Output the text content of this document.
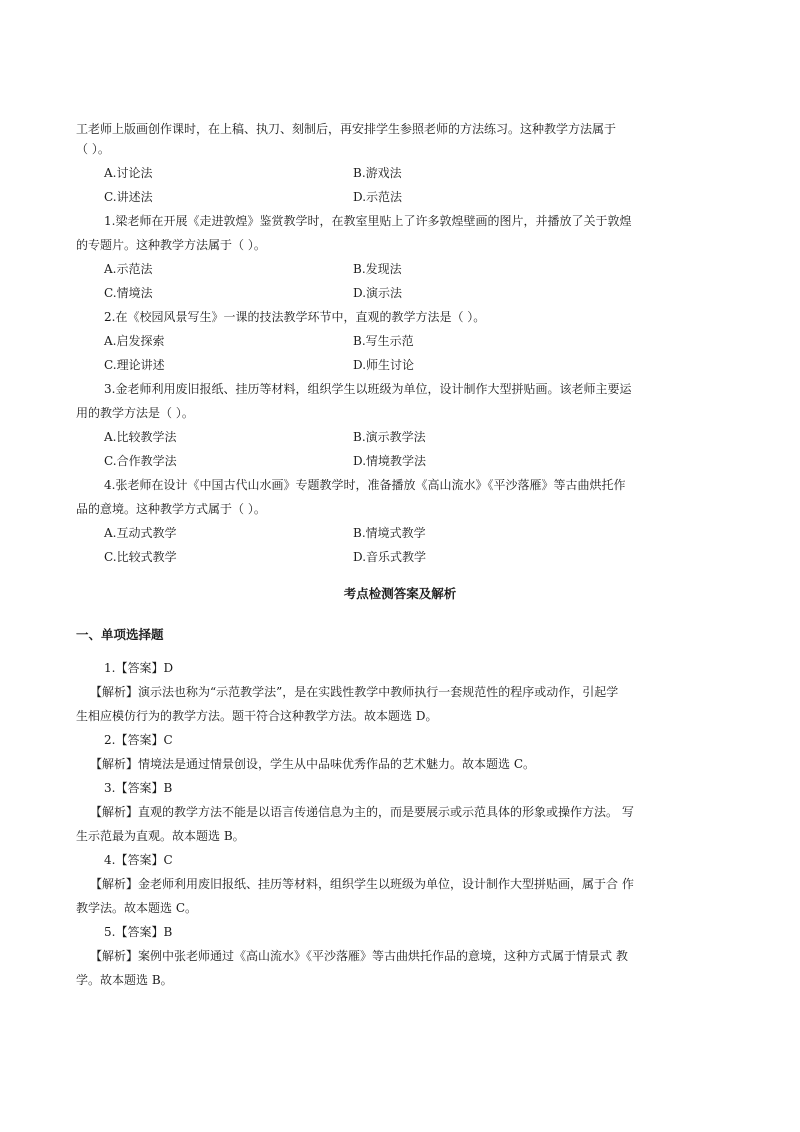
工老师上版画创作课时，在上稿、执刀、刻制后，再安排学生参照老师的方法练习。这种教学方法属于
（ ）。
A.讨论法	B.游戏法
C.讲述法	D.示范法
1.梁老师在开展《走进敦煌》鉴赏教学时，在教室里贴上了许多敦煌壁画的图片，并播放了关于敦煌
的专题片。这种教学方法属于（ ）。
A.示范法	B.发现法
C.情境法	D.演示法
2.在《校园风景写生》一课的技法教学环节中，直观的教学方法是（ ）。
A.启发探索	B.写生示范
C.理论讲述	D.师生讨论
3.金老师利用废旧报纸、挂历等材料，组织学生以班级为单位，设计制作大型拼贴画。该老师主要运
用的教学方法是（ ）。
A.比较教学法	B.演示教学法
C.合作教学法	D.情境教学法
4.张老师在设计《中国古代山水画》专题教学时，准备播放《高山流水》《平沙落雁》等古曲烘托作
品的意境。这种教学方式属于（ ）。
A.互动式教学	B.情境式教学
C.比较式教学	D.音乐式教学
考点检测答案及解析
一、单项选择题
1.【答案】D
【解析】演示法也称为“示范教学法”，是在实践性教学中教师执行一套规范性的程序或动作，引起学
生相应模仿行为的教学方法。题干符合这种教学方法。故本题选 D。
2.【答案】C
【解析】情境法是通过情景创设，学生从中品味优秀作品的艺术魅力。故本题选 C。
3.【答案】B
【解析】直观的教学方法不能是以语言传递信息为主的，而是要展示或示范具体的形象或操作方法。 写
生示范最为直观。故本题选 B。
4.【答案】C
【解析】金老师利用废旧报纸、挂历等材料，组织学生以班级为单位，设计制作大型拼贴画，属于合 作
教学法。故本题选 C。
5.【答案】B
【解析】案例中张老师通过《高山流水》《平沙落雁》等古曲烘托作品的意境，这种方式属于情景式 教
学。故本题选 B。
